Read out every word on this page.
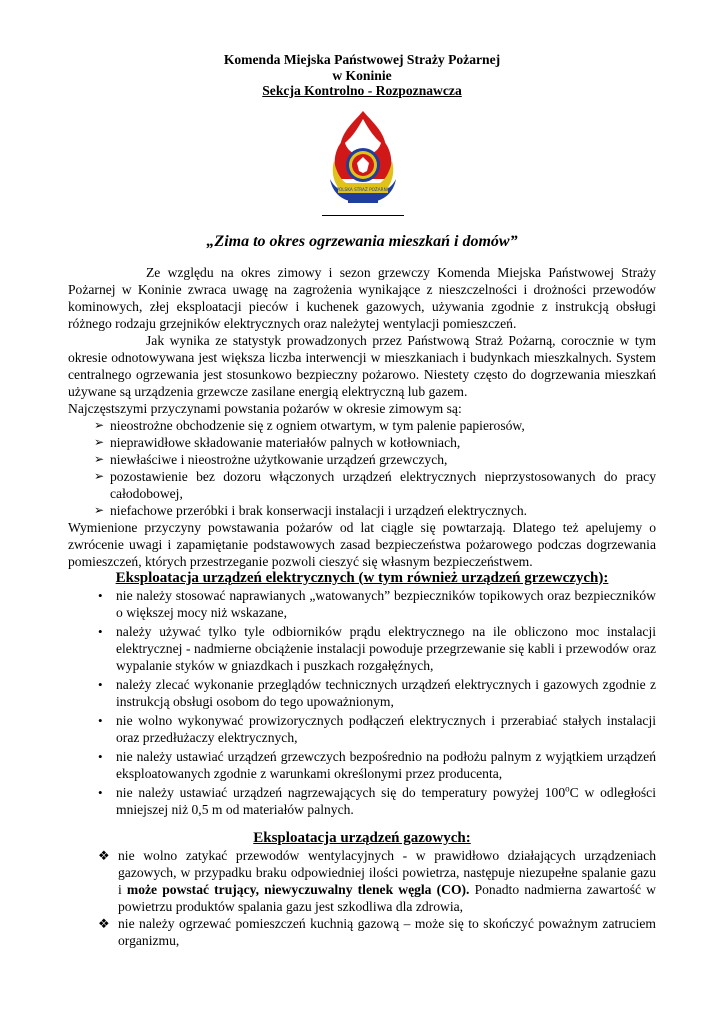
Komenda Miejska Państwowej Straży Pożarnej
w Koninie
Sekcja Kontrolno - Rozpoznawcza
POLSKA STRAŻ POŻARNA
„Zima to okres ogrzewania mieszkań i domów”

Ze względu na okres zimowy i sezon grzewczy Komenda Miejska Państwowej Straży Pożarnej w Koninie zwraca uwagę na zagrożenia wynikające z nieszczelności i drożności przewodów kominowych, złej eksploatacji pieców i kuchenek gazowych, używania zgodnie z instrukcją obsługi różnego rodzaju grzejników elektrycznych oraz należytej wentylacji pomieszczeń.

Jak wynika ze statystyk prowadzonych przez Państwową Straż Pożarną, corocznie w tym okresie odnotowywana jest większa liczba interwencji w mieszkaniach i budynkach mieszkalnych. System centralnego ogrzewania jest stosunkowo bezpieczny pożarowo. Niestety często do dogrzewania mieszkań używane są urządzenia grzewcze zasilane energią elektryczną lub gazem.

Najczęstszymi przyczynami powstania pożarów w okresie zimowym są:

➢ nieostrożne obchodzenie się z ogniem otwartym, w tym palenie papierosów,
➢ nieprawidłowe składowanie materiałów palnych w kotłowniach,
➢ niewłaściwe i nieostrożne użytkowanie urządzeń grzewczych,
➢ pozostawienie bez dozoru włączonych urządzeń elektrycznych nieprzystosowanych do pracy całodobowej,
➢ niefachowe przeróbki i brak konserwacji instalacji i urządzeń elektrycznych.

Wymienione przyczyny powstawania pożarów od lat ciągle się powtarzają. Dlatego też apelujemy o zwrócenie uwagi i zapamiętanie podstawowych zasad bezpieczeństwa pożarowego podczas dogrzewania pomieszczeń, których przestrzeganie pozwoli cieszyć się własnym bezpieczeństwem.

Eksploatacja urządzeń elektrycznych (w tym również urządzeń grzewczych):
• nie należy stosować naprawianych „watowanych” bezpieczników topikowych oraz bezpieczników o większej mocy niż wskazane,
• należy używać tylko tyle odbiorników prądu elektrycznego na ile obliczono moc instalacji elektrycznej - nadmierne obciążenie instalacji powoduje przegrzewanie się kabli i przewodów oraz wypalanie styków w gniazdkach i puszkach rozgałęźnych,
• należy zlecać wykonanie przeglądów technicznych urządzeń elektrycznych i gazowych zgodnie z instrukcją obsługi osobom do tego upoważnionym,
• nie wolno wykonywać prowizorycznych podłączeń elektrycznych i przerabiać stałych instalacji oraz przedłużaczy elektrycznych,
• nie należy ustawiać urządzeń grzewczych bezpośrednio na podłożu palnym z wyjątkiem urządzeń eksploatowanych zgodnie z warunkami określonymi przez producenta,
• nie należy ustawiać urządzeń nagrzewających się do temperatury powyżej 100$^o$C w odległości mniejszej niż 0,5 m od materiałów palnych.
Eksploatacja urządzeń gazowych:
❖ nie wolno zatykać przewodów wentylacyjnych - w prawidłowo działających urządzeniach gazowych, w przypadku braku odpowiedniej ilości powietrza, następuje niezupełne spalanie gazu i może powstać trujący, niewyczuwalny tlenek węgla (CO). Ponadto nadmierna zawartość w powietrzu produktów spalania gazu jest szkodliwa dla zdrowia,
❖ nie należy ogrzewać pomieszczeń kuchnią gazową – może się to skończyć poważnym zatruciem organizmu,
